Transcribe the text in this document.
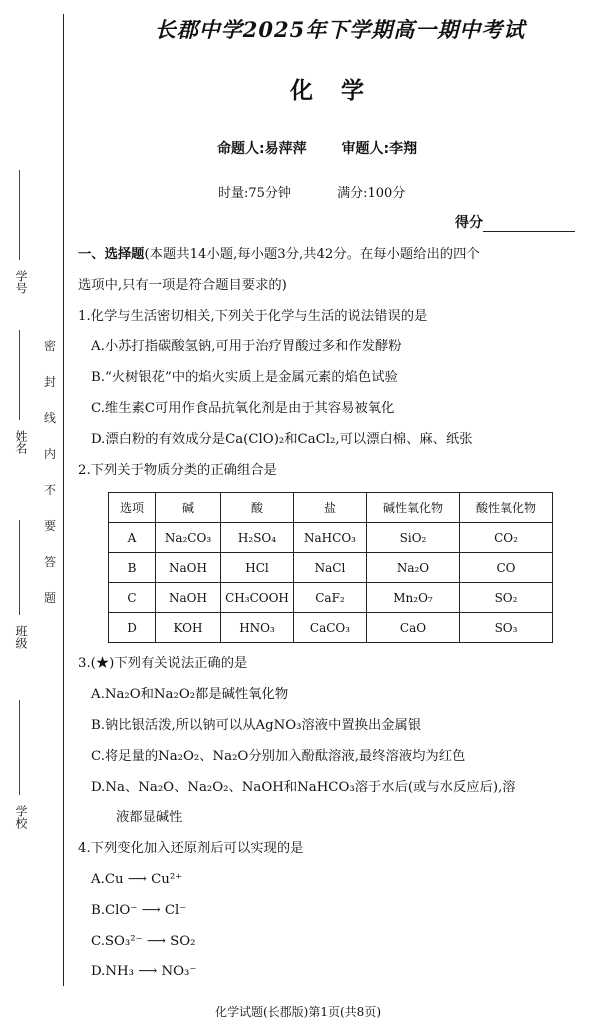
学号
姓名
班级
学校
密
封
线
内
不
要
答
题
长郡中学2025年下学期高一期中考试
化学
命题人:易萍萍 审题人:李翔
时量:75分钟	满分:100分
得分
一、选择题(本题共14小题,每小题3分,共42分。在每小题给出的四个
选项中,只有一项是符合题目要求的)
1.化学与生活密切相关,下列关于化学与生活的说法错误的是
A.小苏打指碳酸氢钠,可用于治疗胃酸过多和作发酵粉
B.“火树银花”中的焰火实质上是金属元素的焰色试验
C.维生素C可用作食品抗氧化剂是由于其容易被氧化
D.漂白粉的有效成分是Ca(ClO)₂和CaCl₂,可以漂白棉、麻、纸张
2.下列关于物质分类的正确组合是
选项	碱	酸	盐	碱性氧化物	酸性氧化物
A	Na₂CO₃	H₂SO₄	NaHCO₃	SiO₂	CO₂
B	NaOH	HCl	NaCl	Na₂O	CO
C	NaOH	CH₃COOH	CaF₂	Mn₂O₇	SO₂
D	KOH	HNO₃	CaCO₃	CaO	SO₃
3.(★)下列有关说法正确的是
A.Na₂O和Na₂O₂都是碱性氧化物
B.钠比银活泼,所以钠可以从AgNO₃溶液中置换出金属银
C.将足量的Na₂O₂、Na₂O分别加入酚酞溶液,最终溶液均为红色
D.Na、Na₂O、Na₂O₂、NaOH和NaHCO₃溶于水后(或与水反应后),溶
液都显碱性
4.下列变化加入还原剂后可以实现的是
A.Cu ⟶ Cu²⁺
B.ClO⁻ ⟶ Cl⁻
C.SO₃²⁻ ⟶ SO₂
D.NH₃ ⟶ NO₃⁻
化学试题(长郡版)第1页(共8页)
